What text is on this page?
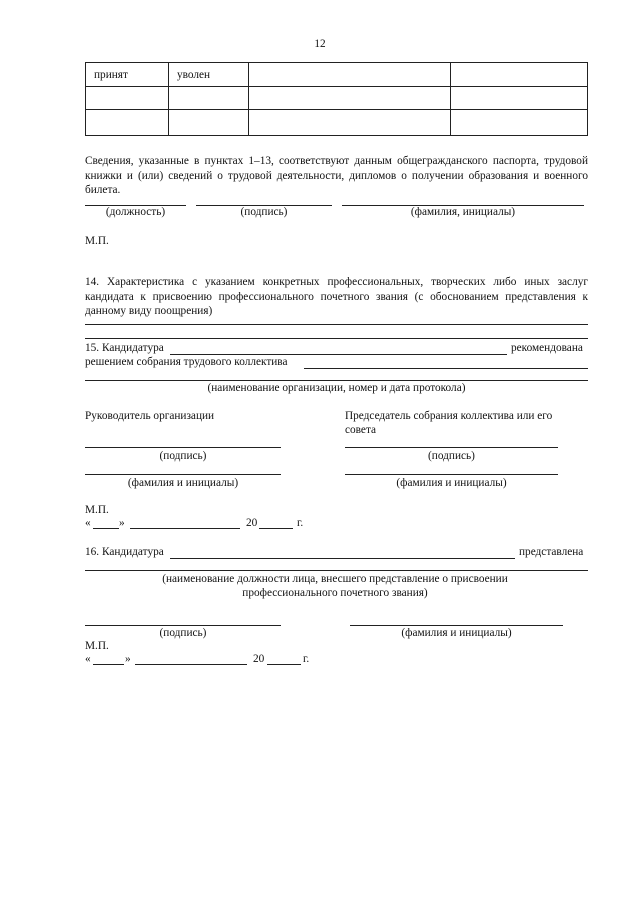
12
принят	уволен		

Сведения, указанные в пунктах 1–13, соответствуют данным общегражданского паспорта, трудовой книжки и (или) сведений о трудовой деятельности, дипломов о получении образования и военного билета.

(должность)	(подпись)	(фамилия, инициалы)
М.П.

14. Характеристика с указанием конкретных профессиональных, творческих либо иных заслуг кандидата к присвоению профессионального почетного звания (с обоснованием представления к данному виду поощрения)

15. Кандидатура	рекомендована
решением собрания трудового коллектива
(наименование организации, номер и дата протокола)
Руководитель организации	Председатель собрания коллектива или его совета
(подпись)	(подпись)
(фамилия и инициалы)	(фамилия и инициалы)
М.П.
«	»	20	г.
16. Кандидатура	представлена
(наименование должности лица, внесшего представление о присвоении профессионального почетного звания)
(подпись)	(фамилия и инициалы)
М.П.
«	»	20	г.
